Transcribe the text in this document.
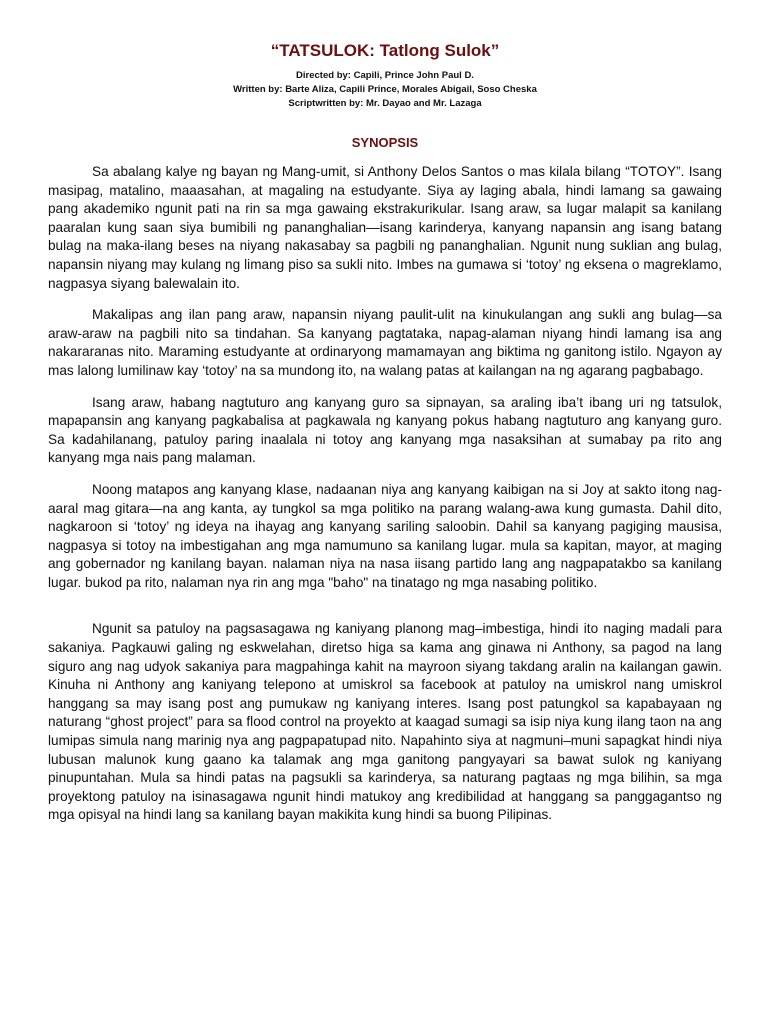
“TATSULOK: Tatlong Sulok”

Directed by: Capili, Prince John Paul D.

Written by: Barte Aliza, Capili Prince, Morales Abigail, Soso Cheska

Scriptwritten by: Mr. Dayao and Mr. Lazaga

SYNOPSIS

Sa abalang kalye ng bayan ng Mang-umit, si Anthony Delos Santos o mas kilala bilang “TOTOY”. Isang masipag, matalino, maaasahan, at magaling na estudyante. Siya ay laging abala, hindi lamang sa gawaing pang akademiko ngunit pati na rin sa mga gawaing ekstrakurikular. Isang araw, sa lugar malapit sa kanilang paaralan kung saan siya bumibili ng pananghalian—isang karinderya, kanyang napansin ang isang batang bulag na maka-ilang beses na niyang nakasabay sa pagbili ng pananghalian. Ngunit nung suklian ang bulag, napansin niyang may kulang ng limang piso sa sukli nito. Imbes na gumawa si ‘totoy’ ng eksena o magreklamo, nagpasya siyang balewalain ito.

Makalipas ang ilan pang araw, napansin niyang paulit-ulit na kinukulangan ang sukli ang bulag—sa araw-araw na pagbili nito sa tindahan. Sa kanyang pagtataka, napag-alaman niyang hindi lamang isa ang nakararanas nito. Maraming estudyante at ordinaryong mamamayan ang biktima ng ganitong istilo. Ngayon ay mas lalong lumilinaw kay ‘totoy’ na sa mundong ito, na walang patas at kailangan na ng agarang pagbabago.

Isang araw, habang nagtuturo ang kanyang guro sa sipnayan, sa araling iba’t ibang uri ng tatsulok, mapapansin ang kanyang pagkabalisa at pagkawala ng kanyang pokus habang nagtuturo ang kanyang guro. Sa kadahilanang, patuloy paring inaalala ni totoy ang kanyang mga nasaksihan at sumabay pa rito ang kanyang mga nais pang malaman.

Noong matapos ang kanyang klase, nadaanan niya ang kanyang kaibigan na si Joy at sakto itong nag-aaral mag gitara—na ang kanta, ay tungkol sa mga politiko na parang walang-awa kung gumasta. Dahil dito, nagkaroon si ‘totoy’ ng ideya na ihayag ang kanyang sariling saloobin. Dahil sa kanyang pagiging mausisa, nagpasya si totoy na imbestigahan ang mga namumuno sa kanilang lugar. mula sa kapitan, mayor, at maging ang gobernador ng kanilang bayan. nalaman niya na nasa iisang partido lang ang nagpapatakbo sa kanilang lugar. bukod pa rito, nalaman nya rin ang mga "baho" na tinatago ng mga nasabing politiko.

Ngunit sa patuloy na pagsasagawa ng kaniyang planong mag–imbestiga, hindi ito naging madali para sakaniya. Pagkauwi galing ng eskwelahan, diretso higa sa kama ang ginawa ni Anthony, sa pagod na lang siguro ang nag udyok sakaniya para magpahinga kahit na mayroon siyang takdang aralin na kailangan gawin. Kinuha ni Anthony ang kaniyang telepono at umiskrol sa facebook at patuloy na umiskrol nang umiskrol hanggang sa may isang post ang pumukaw ng kaniyang interes. Isang post patungkol sa kapabayaan ng naturang “ghost project” para sa flood control na proyekto at kaagad sumagi sa isip niya kung ilang taon na ang lumipas simula nang marinig nya ang pagpapatupad nito. Napahinto siya at nagmuni–muni sapagkat hindi niya lubusan malunok kung gaano ka talamak ang mga ganitong pangyayari sa bawat sulok ng kaniyang pinupuntahan. Mula sa hindi patas na pagsukli sa karinderya, sa naturang pagtaas ng mga bilihin, sa mga proyektong patuloy na isinasagawa ngunit hindi matukoy ang kredibilidad at hanggang sa panggagantso ng mga opisyal na hindi lang sa kanilang bayan makikita kung hindi sa buong Pilipinas.
